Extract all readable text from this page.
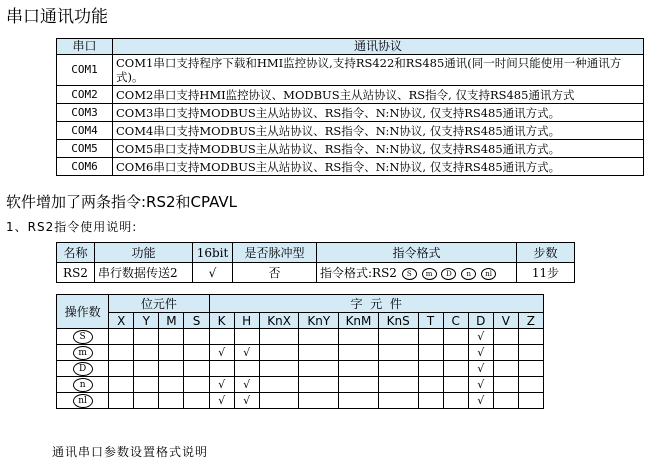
串口通讯功能
串口	通讯协议
COM1	COM1串口支持程序下载和HMI监控协议,支持RS422和RS485通讯(同一时间只能使用一种通讯方式)。
COM2	COM2串口支持HMI监控协议、MODBUS主从站协议、RS指令, 仅支持RS485通讯方式
COM3	COM3串口支持MODBUS主从站协议、RS指令、N:N协议, 仅支持RS485通讯方式。
COM4	COM4串口支持MODBUS主从站协议、RS指令、N:N协议, 仅支持RS485通讯方式。
COM5	COM5串口支持MODBUS主从站协议、RS指令、N:N协议, 仅支持RS485通讯方式。
COM6	COM6串口支持MODBUS主从站协议、RS指令、N:N协议, 仅支持RS485通讯方式。
软件增加了两条指令:RS2和CPAVL
1、RS2指令使用说明:
名称	功能	16bit	是否脉冲型	指令格式	步数
RS2	串行数据传送2	√	否	指令格式:RS2 S m D n nl	11步
操作数	位元件				字  元  件										
	X	Y	M	S	K	H	KnX	KnY	KnM	KnS	T	C	D	V	Z
S													√		
m					√	√							√		
D													√		
n					√	√							√		
nl					√	√							√		
通讯串口参数设置格式说明
